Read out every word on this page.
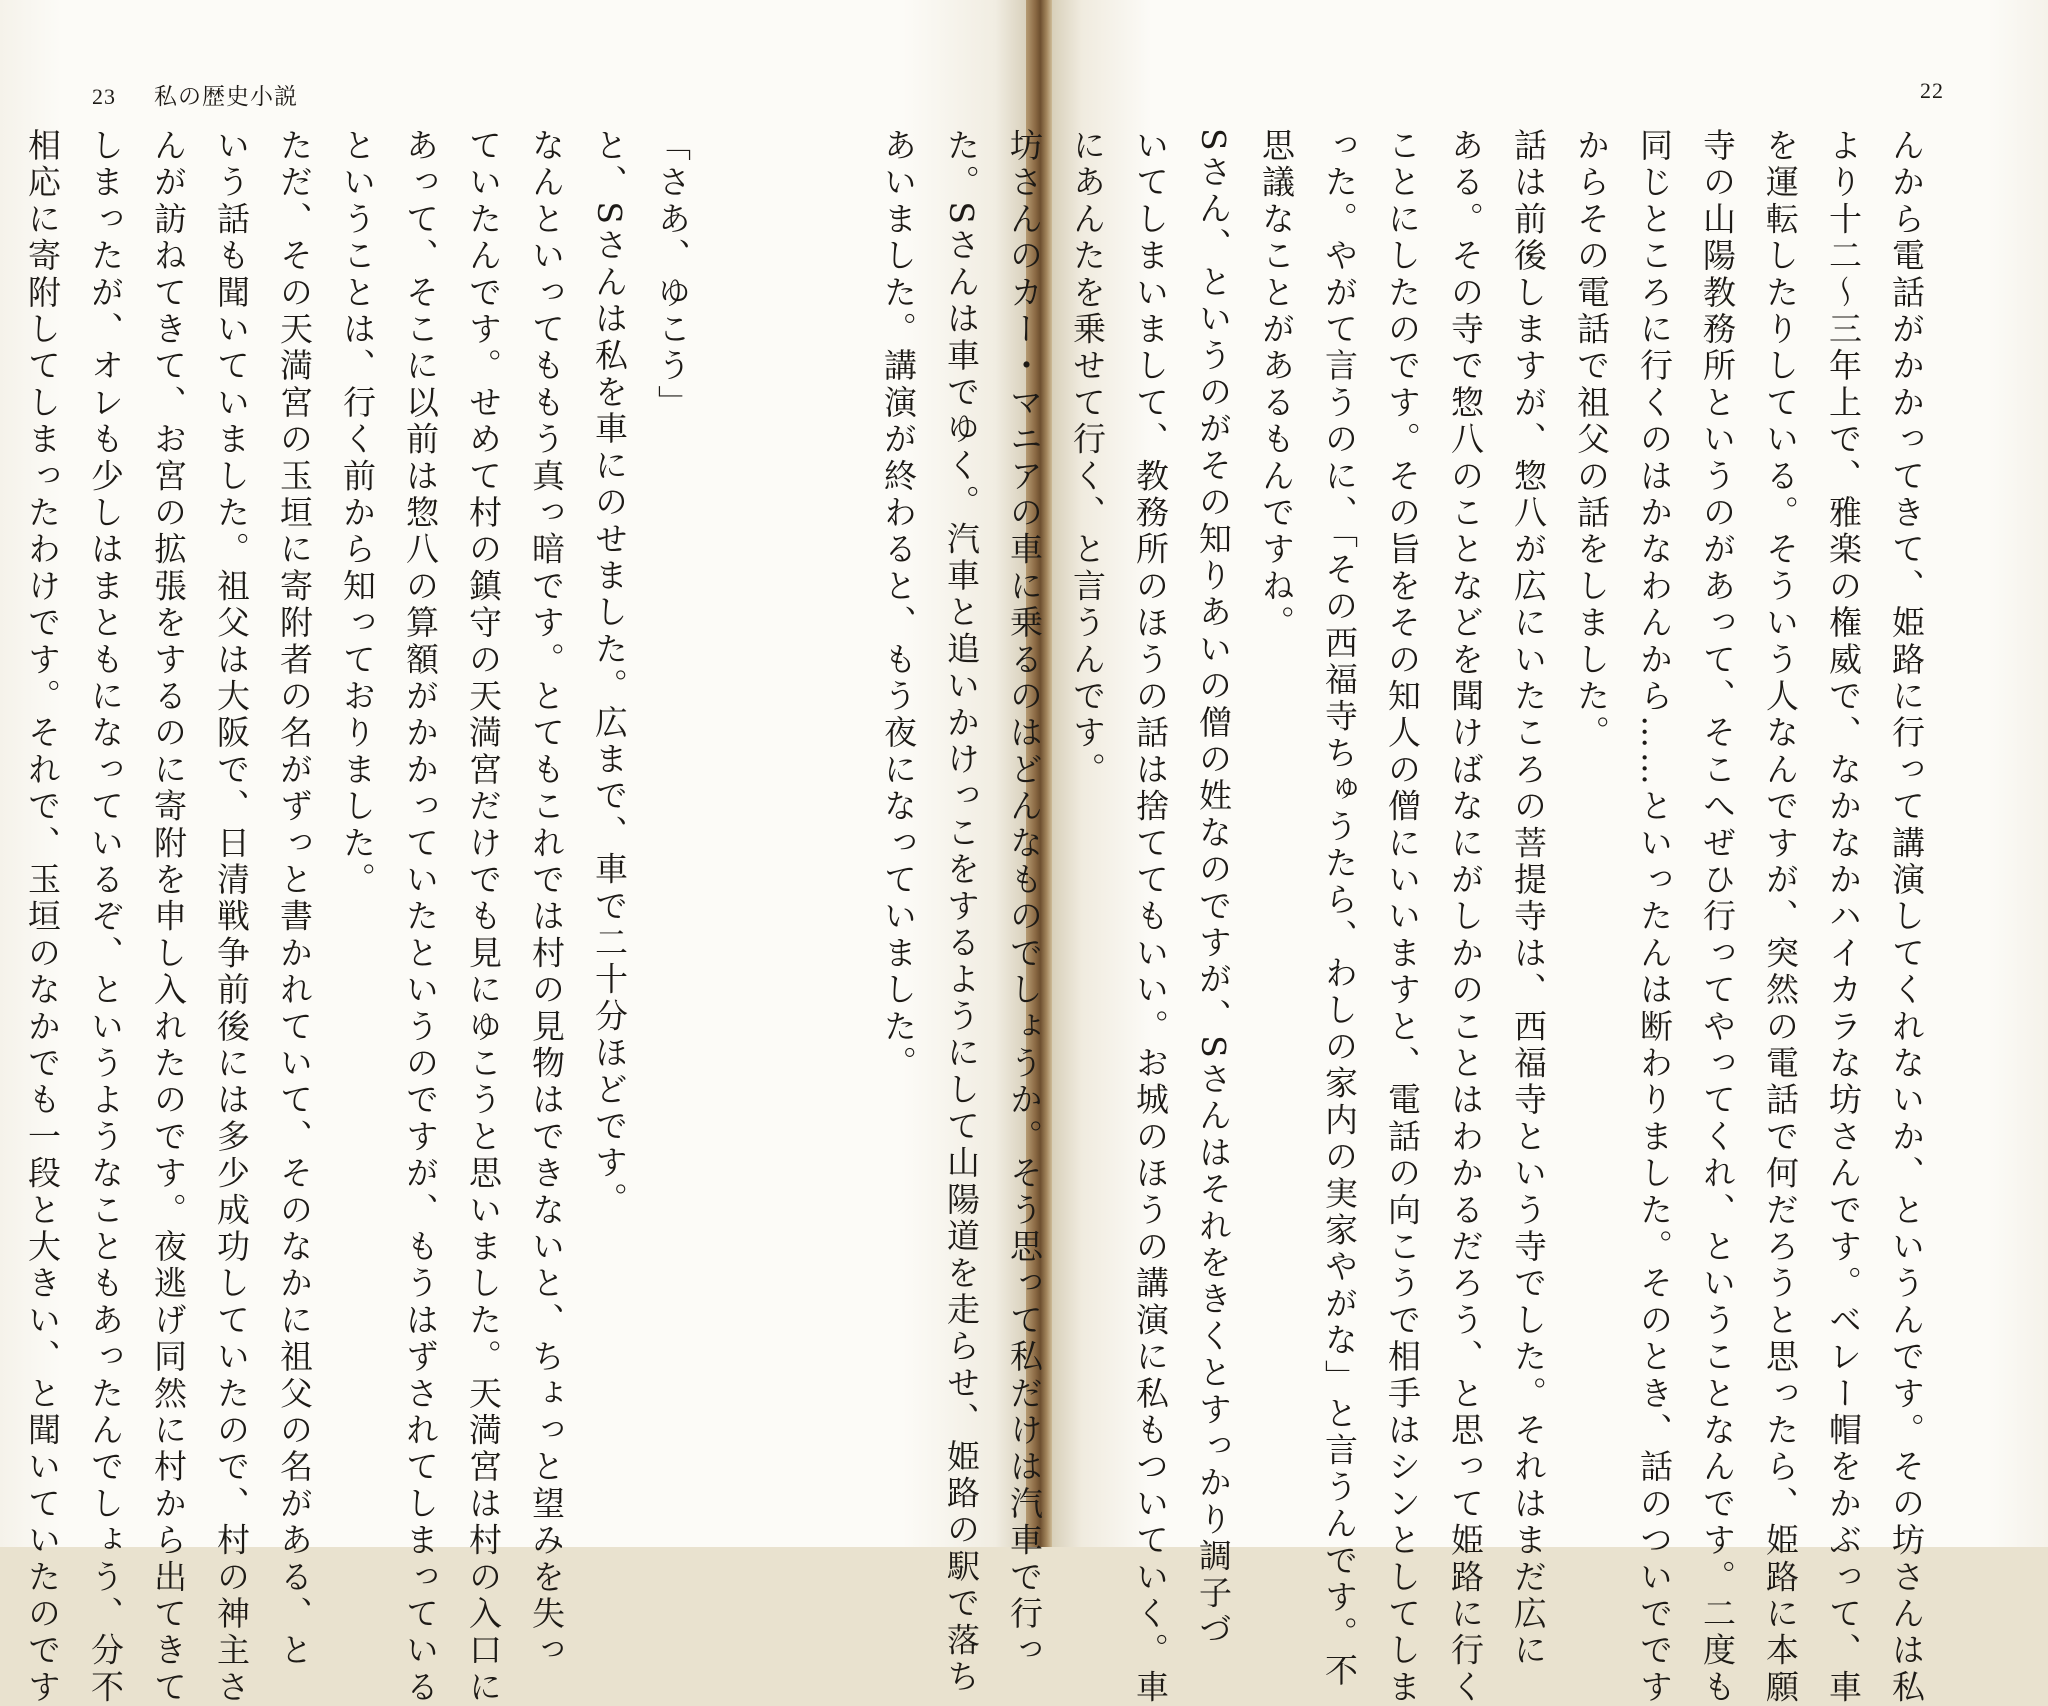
23 私の歴史小説

「さあ、ゆこう」

と、Sさんは私を車にのせました。広まで、車で二十分ほどです。

なんといってももう真っ暗です。とてもこれでは村の見物はできないと、ちょっと望みを失っ

ていたんです。せめて村の鎮守の天満宮だけでも見にゆこうと思いました。天満宮は村の入口に

あって、そこに以前は惣八の算額がかかっていたというのですが、もうはずされてしまっている

ということは、行く前から知っておりました。

ただ、その天満宮の玉垣に寄附者の名がずっと書かれていて、そのなかに祖父の名がある、と

いう話も聞いていました。祖父は大阪で、日清戦争前後には多少成功していたので、村の神主さ

んが訪ねてきて、お宮の拡張をするのに寄附を申し入れたのです。夜逃げ同然に村から出てきて

しまったが、オレも少しはまともになっているぞ、というようなこともあったんでしょう、分不

相応に寄附してしまったわけです。それで、玉垣のなかでも一段と大きい、と聞いていたのです

22

んから電話がかかってきて、姫路に行って講演してくれないか、というんです。その坊さんは私

より十二～三年上で、雅楽の権威で、なかなかハイカラな坊さんです。ベレー帽をかぶって、車

を運転したりしている。そういう人なんですが、突然の電話で何だろうと思ったら、姫路に本願

寺の山陽教務所というのがあって、そこへぜひ行ってやってくれ、ということなんです。二度も

同じところに行くのはかなわんから……といったんは断わりました。そのとき、話のついでです

からその電話で祖父の話をしました。

話は前後しますが、惣八が広にいたころの菩提寺は、西福寺という寺でした。それはまだ広に

ある。その寺で惣八のことなどを聞けばなにがしかのことはわかるだろう、と思って姫路に行く

ことにしたのです。その旨をその知人の僧にいいますと、電話の向こうで相手はシンとしてしま

った。やがて言うのに、「その西福寺ちゅうたら、わしの家内の実家やがな」と言うんです。不

思議なことがあるもんですね。

Sさん、というのがその知りあいの僧の姓なのですが、Sさんはそれをきくとすっかり調子づ

いてしまいまして、教務所のほうの話は捨ててもいい。お城のほうの講演に私もついていく。車

にあんたを乗せて行く、と言うんです。

坊さんのカー・マニアの車に乗るのはどんなものでしょうか。そう思って私だけは汽車で行っ

た。Sさんは車でゆく。汽車と追いかけっこをするようにして山陽道を走らせ、姫路の駅で落ち

あいました。講演が終わると、もう夜になっていました。
